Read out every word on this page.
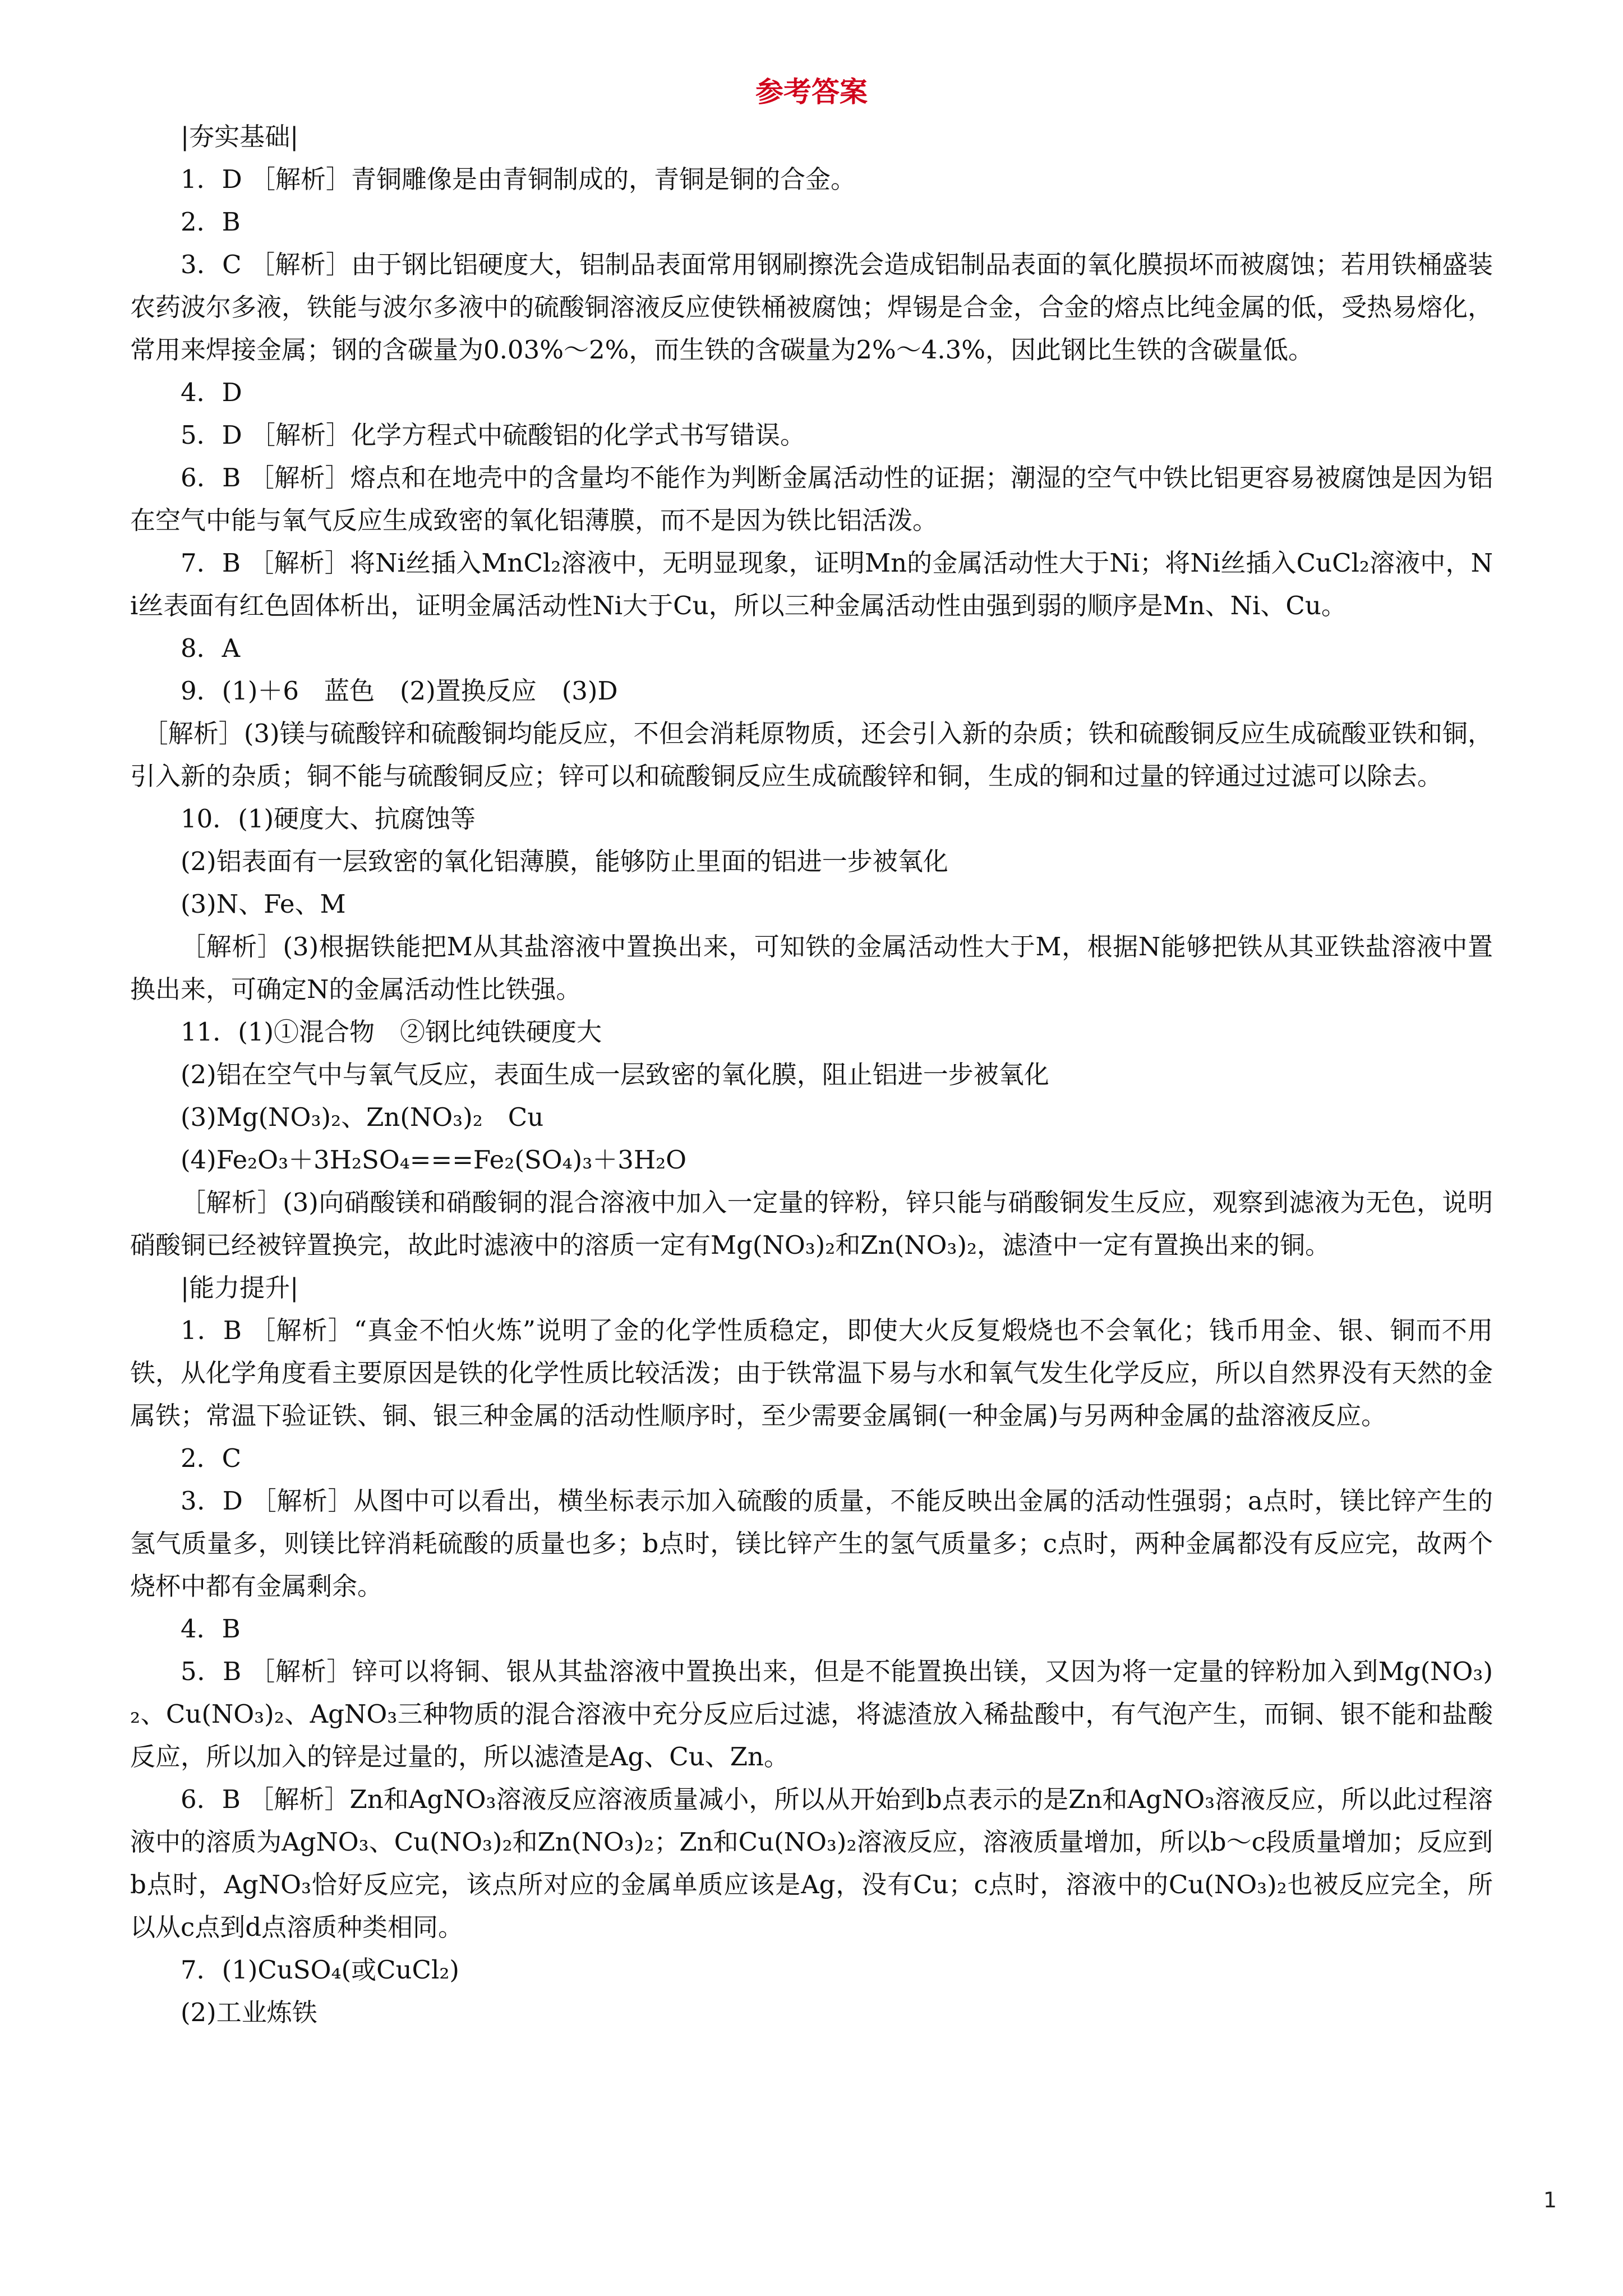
参考答案
|夯实基础|

1．D ［解析］青铜雕像是由青铜制成的，青铜是铜的合金。

2．B

3．C ［解析］由于钢比铝硬度大，铝制品表面常用钢刷擦洗会造成铝制品表面的氧化膜损坏而被腐蚀；若用铁桶盛装农药波尔多液，铁能与波尔多液中的硫酸铜溶液反应使铁桶被腐蚀；焊锡是合金，合金的熔点比纯金属的低，受热易熔化，常用来焊接金属；钢的含碳量为0.03%～2%，而生铁的含碳量为2%～4.3%，因此钢比生铁的含碳量低。

4．D

5．D ［解析］化学方程式中硫酸铝的化学式书写错误。

6．B ［解析］熔点和在地壳中的含量均不能作为判断金属活动性的证据；潮湿的空气中铁比铝更容易被腐蚀是因为铝在空气中能与氧气反应生成致密的氧化铝薄膜，而不是因为铁比铝活泼。

7．B ［解析］将Ni丝插入MnCl₂溶液中，无明显现象，证明Mn的金属活动性大于Ni；将Ni丝插入CuCl₂溶液中，Ni丝表面有红色固体析出，证明金属活动性Ni大于Cu，所以三种金属活动性由强到弱的顺序是Mn、Ni、Cu。

8．A

9．(1)＋6　蓝色　(2)置换反应　(3)D

　［解析］(3)镁与硫酸锌和硫酸铜均能反应，不但会消耗原物质，还会引入新的杂质；铁和硫酸铜反应生成硫酸亚铁和铜，引入新的杂质；铜不能与硫酸铜反应；锌可以和硫酸铜反应生成硫酸锌和铜，生成的铜和过量的锌通过过滤可以除去。

10．(1)硬度大、抗腐蚀等

(2)铝表面有一层致密的氧化铝薄膜，能够防止里面的铝进一步被氧化

(3)N、Fe、M

［解析］(3)根据铁能把M从其盐溶液中置换出来，可知铁的金属活动性大于M，根据N能够把铁从其亚铁盐溶液中置换出来，可确定N的金属活动性比铁强。

11．(1)①混合物　②钢比纯铁硬度大

(2)铝在空气中与氧气反应，表面生成一层致密的氧化膜，阻止铝进一步被氧化

(3)Mg(NO₃)₂、Zn(NO₃)₂　Cu

(4)Fe₂O₃＋3H₂SO₄===Fe₂(SO₄)₃＋3H₂O

［解析］(3)向硝酸镁和硝酸铜的混合溶液中加入一定量的锌粉，锌只能与硝酸铜发生反应，观察到滤液为无色，说明硝酸铜已经被锌置换完，故此时滤液中的溶质一定有Mg(NO₃)₂和Zn(NO₃)₂，滤渣中一定有置换出来的铜。

|能力提升|

1．B ［解析］“真金不怕火炼”说明了金的化学性质稳定，即使大火反复煅烧也不会氧化；钱币用金、银、铜而不用铁，从化学角度看主要原因是铁的化学性质比较活泼；由于铁常温下易与水和氧气发生化学反应，所以自然界没有天然的金属铁；常温下验证铁、铜、银三种金属的活动性顺序时，至少需要金属铜(一种金属)与另两种金属的盐溶液反应。

2．C

3．D ［解析］从图中可以看出，横坐标表示加入硫酸的质量，不能反映出金属的活动性强弱；a点时，镁比锌产生的氢气质量多，则镁比锌消耗硫酸的质量也多；b点时，镁比锌产生的氢气质量多；c点时，两种金属都没有反应完，故两个烧杯中都有金属剩余。

4．B

5．B ［解析］锌可以将铜、银从其盐溶液中置换出来，但是不能置换出镁，又因为将一定量的锌粉加入到Mg(NO₃)₂、Cu(NO₃)₂、AgNO₃三种物质的混合溶液中充分反应后过滤，将滤渣放入稀盐酸中，有气泡产生，而铜、银不能和盐酸反应，所以加入的锌是过量的，所以滤渣是Ag、Cu、Zn。

6．B ［解析］Zn和AgNO₃溶液反应溶液质量减小，所以从开始到b点表示的是Zn和AgNO₃溶液反应，所以此过程溶液中的溶质为AgNO₃、Cu(NO₃)₂和Zn(NO₃)₂；Zn和Cu(NO₃)₂溶液反应，溶液质量增加，所以b～c段质量增加；反应到b点时，AgNO₃恰好反应完，该点所对应的金属单质应该是Ag，没有Cu；c点时，溶液中的Cu(NO₃)₂也被反应完全，所以从c点到d点溶质种类相同。

7．(1)CuSO₄(或CuCl₂)

(2)工业炼铁

1
